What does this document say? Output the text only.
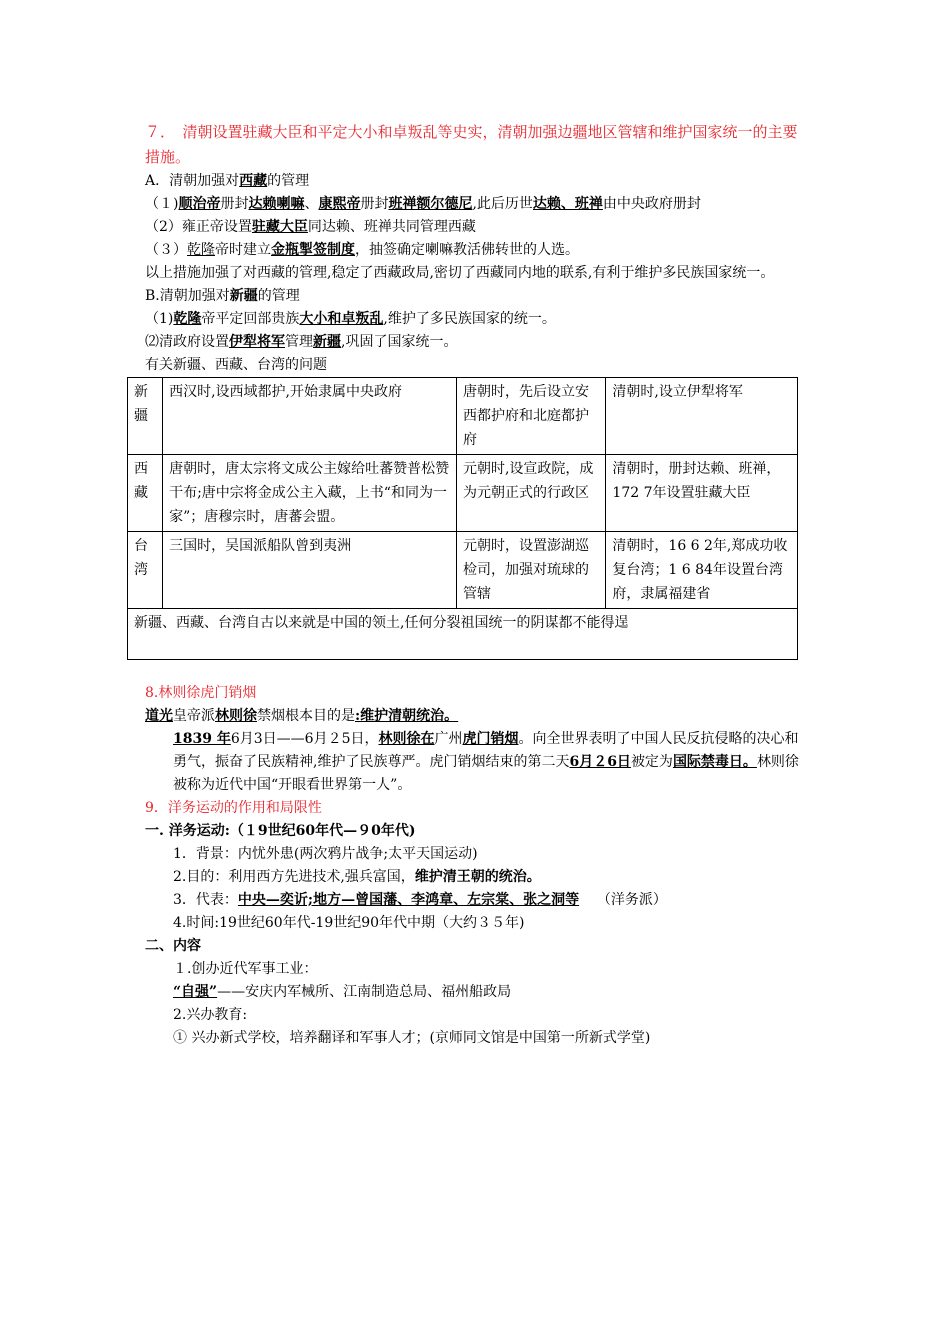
７．　清朝设置驻藏大臣和平定大小和卓叛乱等史实，清朝加强边疆地区管辖和维护国家统一的主要措施。

A．清朝加强对西藏的管理

（１)顺治帝册封达赖喇嘛、康熙帝册封班禅额尔德尼,此后历世达赖、班禅由中央政府册封

（2）雍正帝设置驻藏大臣同达赖、班禅共同管理西藏

（３）乾隆帝时建立金瓶掣签制度，抽签确定喇嘛教活佛转世的人选。

以上措施加强了对西藏的管理,稳定了西藏政局,密切了西藏同内地的联系,有利于维护多民族国家统一。

B.清朝加强对新疆的管理

（1)乾隆帝平定回部贵族大小和卓叛乱,维护了多民族国家的统一。

⑵清政府设置伊犁将军管理新疆,巩固了国家统一。

有关新疆、西藏、台湾的问题

新疆	西汉时,设西域都护,开始隶属中央政府	唐朝时，先后设立安西都护府和北庭都护府	清朝时,设立伊犁将军
西藏	唐朝时，唐太宗将文成公主嫁给吐蕃赞普松赞干布;唐中宗将金成公主入藏，上书“和同为一家”；唐穆宗时，唐蕃会盟。	元朝时,设宣政院，成为元朝正式的行政区	清朝时，册封达赖、班禅，172 7年设置驻藏大臣
台湾	三国时，吴国派船队曾到夷洲	元朝时，设置澎湖巡检司，加强对琉球的管辖	清朝时，16 6 2年,郑成功收复台湾；1 6 84年设置台湾府，隶属福建省
新疆、西藏、台湾自古以来就是中国的领土,任何分裂祖国统一的阴谋都不能得逞			

8.林则徐虎门销烟

道光皇帝派林则徐禁烟根本目的是:维护清朝统治。

1839 年6月3日——6月２5日，林则徐在广州虎门销烟。向全世界表明了中国人民反抗侵略的决心和勇气，振奋了民族精神,维护了民族尊严。虎门销烟结束的第二天6月２6日被定为国际禁毒日。林则徐被称为近代中国“开眼看世界第一人”。

9．洋务运动的作用和局限性

一. 洋务运动:（１9世纪60年代—９0年代)

1．背景：内忧外患(两次鸦片战争;太平天国运动)

2.目的：利用西方先进技术,强兵富国，维护清王朝的统治。

3．代表：中央—奕䜣;地方—曾国藩、李鸿章、左宗棠、张之洞等 （洋务派）

4.时间:19世纪60年代-19世纪90年代中期（大约３５年)

二、内容

１.创办近代军事工业：

“自强”——安庆内军械所、江南制造总局、福州船政局

2.兴办教育:

① 兴办新式学校，培养翻译和军事人才；(京师同文馆是中国第一所新式学堂)
